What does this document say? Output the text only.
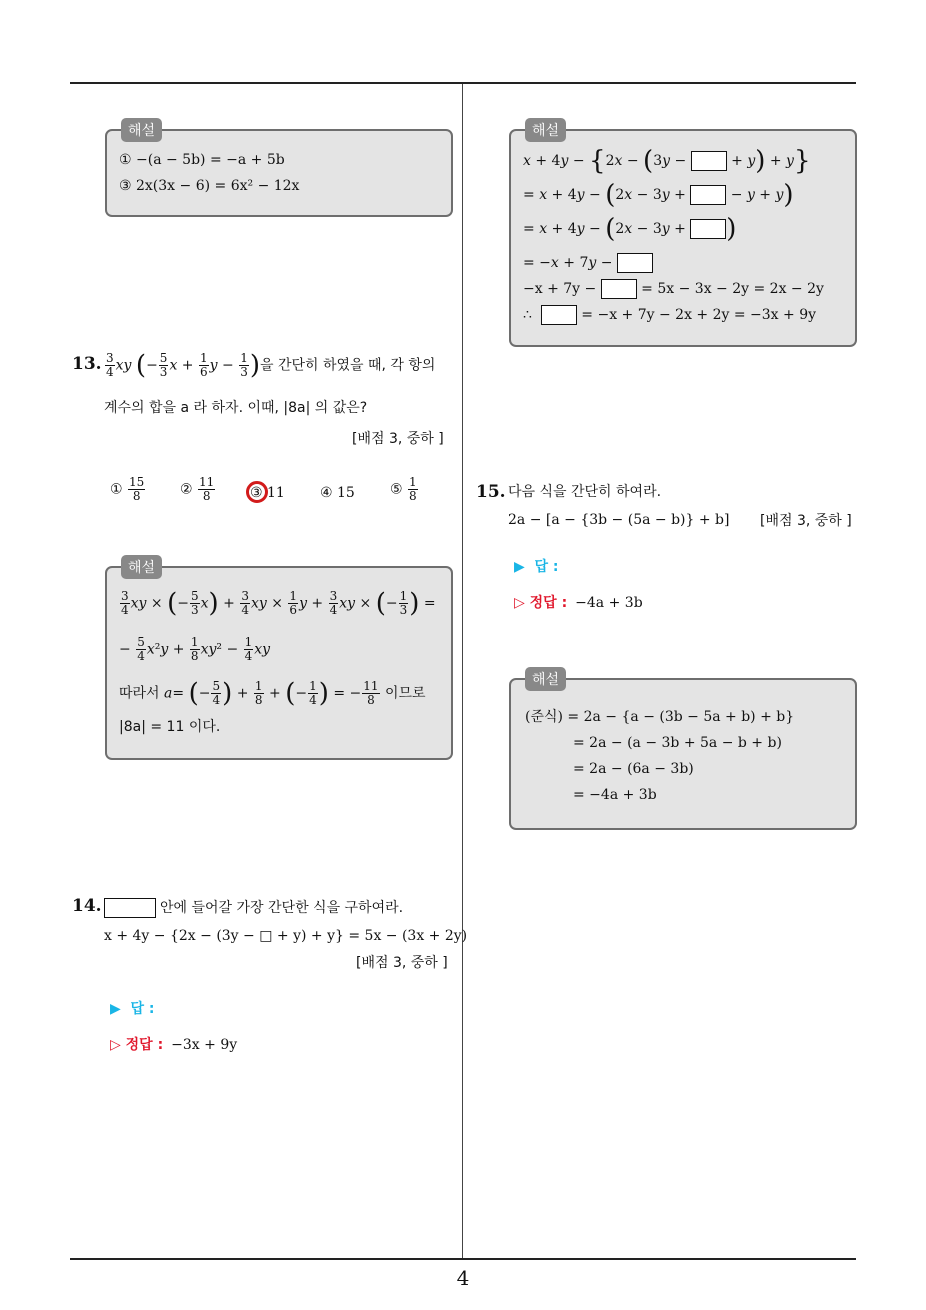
4
해설
① −(a − 5b) = −a + 5b
③ 2x(3x − 6) = 6x² − 12x
13. $\frac{3}{4}$ xy (− $\frac{5}{3}$ $x + \frac{1}{6}$ $y - \frac{1}{3}$ )을 간단히 하였을 때, 각 항의
계수의 합을 a 라 하자. 이때, |8a| 의 값은?
[배점 3, 중하 ]
① $\frac{15}{8}$ ② $\frac{11}{8}$ ③ 11	④ 15	⑤ $\frac{1}{8}$
해설
$\frac{3}{4}$ xy × (− $\frac{5}{3} x) + \frac{3}{4}$ xy × $\frac{1}{6}$ $y + \frac{3}{4}$ xy × (− $\frac{1}{3}$ ) =
− $\frac{5}{4} x^2y + \frac{1}{8} xy^2 - \frac{1}{4}$ xy
따라서 a= (− $\frac{5}{4}$ ) + $\frac{1}{8}$ + (− $\frac{1}{4}$ ) = − $\frac{11}{8}$ 이므로
|8a| = 11 이다.
14.	안에 들어갈 가장 간단한 식을 구하여라.
x + 4y − {2x − (3y − □ + y) + y} = 5x − (3x + 2y)
[배점 3, 중하 ]
▶  답 :
▷ 정답 : −3x + 9y
해설
x + 4y − {2x − (3y −	+ y) + y}
= x + 4y − (2x − 3y +	− y + y)
= x + 4y − (2x − 3y + )
= −x + 7y −
−x + 7y −	= 5x − 3x − 2y = 2x − 2y
∴	= −x + 7y − 2x + 2y = −3x + 9y
15. 다음 식을 간단히 하여라.
2a − [a − {3b − (5a − b)} + b] [배점 3, 중하 ]
▶  답 :
▷ 정답 : −4a + 3b
해설
(준식) = 2a − {a − (3b − 5a + b) + b}
= 2a − (a − 3b + 5a − b + b)
= 2a − (6a − 3b)
= −4a + 3b
